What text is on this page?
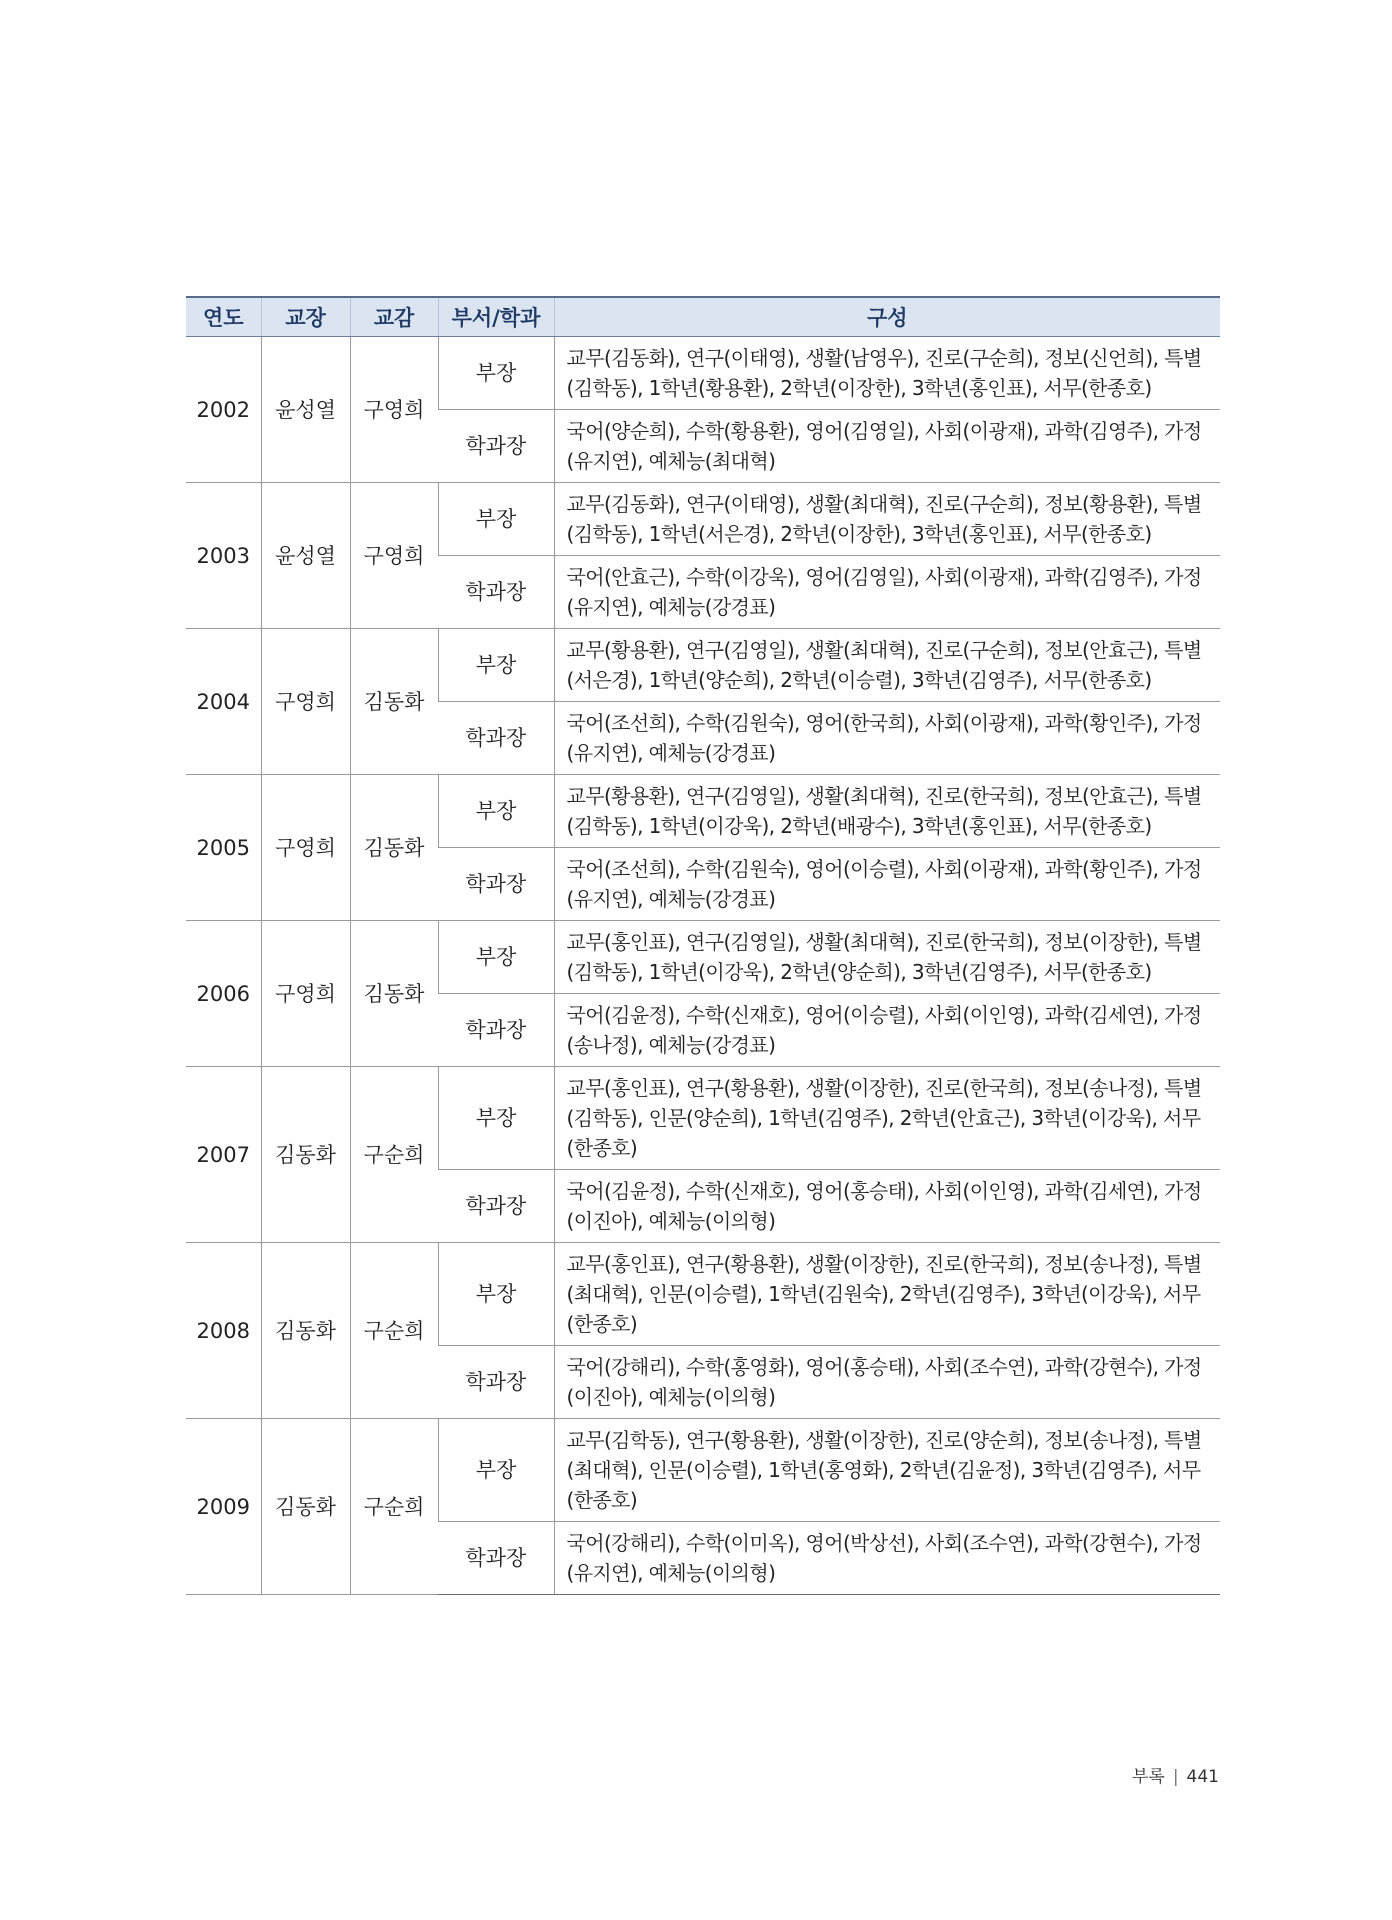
연도	교장	교감	부서/학과	구성
2002	윤성열	구영희	부장	교무(김동화), 연구(이태영), 생활(남영우), 진로(구순희), 정보(신언희), 특별(김학동), 1학년(황용환), 2학년(이장한), 3학년(홍인표), 서무(한종호)
			학과장	국어(양순희), 수학(황용환), 영어(김영일), 사회(이광재), 과학(김영주), 가정(유지연), 예체능(최대혁)
2003	윤성열	구영희	부장	교무(김동화), 연구(이태영), 생활(최대혁), 진로(구순희), 정보(황용환), 특별(김학동), 1학년(서은경), 2학년(이장한), 3학년(홍인표), 서무(한종호)
			학과장	국어(안효근), 수학(이강욱), 영어(김영일), 사회(이광재), 과학(김영주), 가정(유지연), 예체능(강경표)
2004	구영희	김동화	부장	교무(황용환), 연구(김영일), 생활(최대혁), 진로(구순희), 정보(안효근), 특별(서은경), 1학년(양순희), 2학년(이승렬), 3학년(김영주), 서무(한종호)
			학과장	국어(조선희), 수학(김원숙), 영어(한국희), 사회(이광재), 과학(황인주), 가정(유지연), 예체능(강경표)
2005	구영희	김동화	부장	교무(황용환), 연구(김영일), 생활(최대혁), 진로(한국희), 정보(안효근), 특별(김학동), 1학년(이강욱), 2학년(배광수), 3학년(홍인표), 서무(한종호)
			학과장	국어(조선희), 수학(김원숙), 영어(이승렬), 사회(이광재), 과학(황인주), 가정(유지연), 예체능(강경표)
2006	구영희	김동화	부장	교무(홍인표), 연구(김영일), 생활(최대혁), 진로(한국희), 정보(이장한), 특별(김학동), 1학년(이강욱), 2학년(양순희), 3학년(김영주), 서무(한종호)
			학과장	국어(김윤정), 수학(신재호), 영어(이승렬), 사회(이인영), 과학(김세연), 가정(송나정), 예체능(강경표)
2007	김동화	구순희	부장	교무(홍인표), 연구(황용환), 생활(이장한), 진로(한국희), 정보(송나정), 특별(김학동), 인문(양순희), 1학년(김영주), 2학년(안효근), 3학년(이강욱), 서무(한종호)
			학과장	국어(김윤정), 수학(신재호), 영어(홍승태), 사회(이인영), 과학(김세연), 가정(이진아), 예체능(이의형)
2008	김동화	구순희	부장	교무(홍인표), 연구(황용환), 생활(이장한), 진로(한국희), 정보(송나정), 특별(최대혁), 인문(이승렬), 1학년(김원숙), 2학년(김영주), 3학년(이강욱), 서무(한종호)
			학과장	국어(강해리), 수학(홍영화), 영어(홍승태), 사회(조수연), 과학(강현수), 가정(이진아), 예체능(이의형)
2009	김동화	구순희	부장	교무(김학동), 연구(황용환), 생활(이장한), 진로(양순희), 정보(송나정), 특별(최대혁), 인문(이승렬), 1학년(홍영화), 2학년(김윤정), 3학년(김영주), 서무(한종호)
			학과장	국어(강해리), 수학(이미옥), 영어(박상선), 사회(조수연), 과학(강현수), 가정(유지연), 예체능(이의형)
부록 | 441
